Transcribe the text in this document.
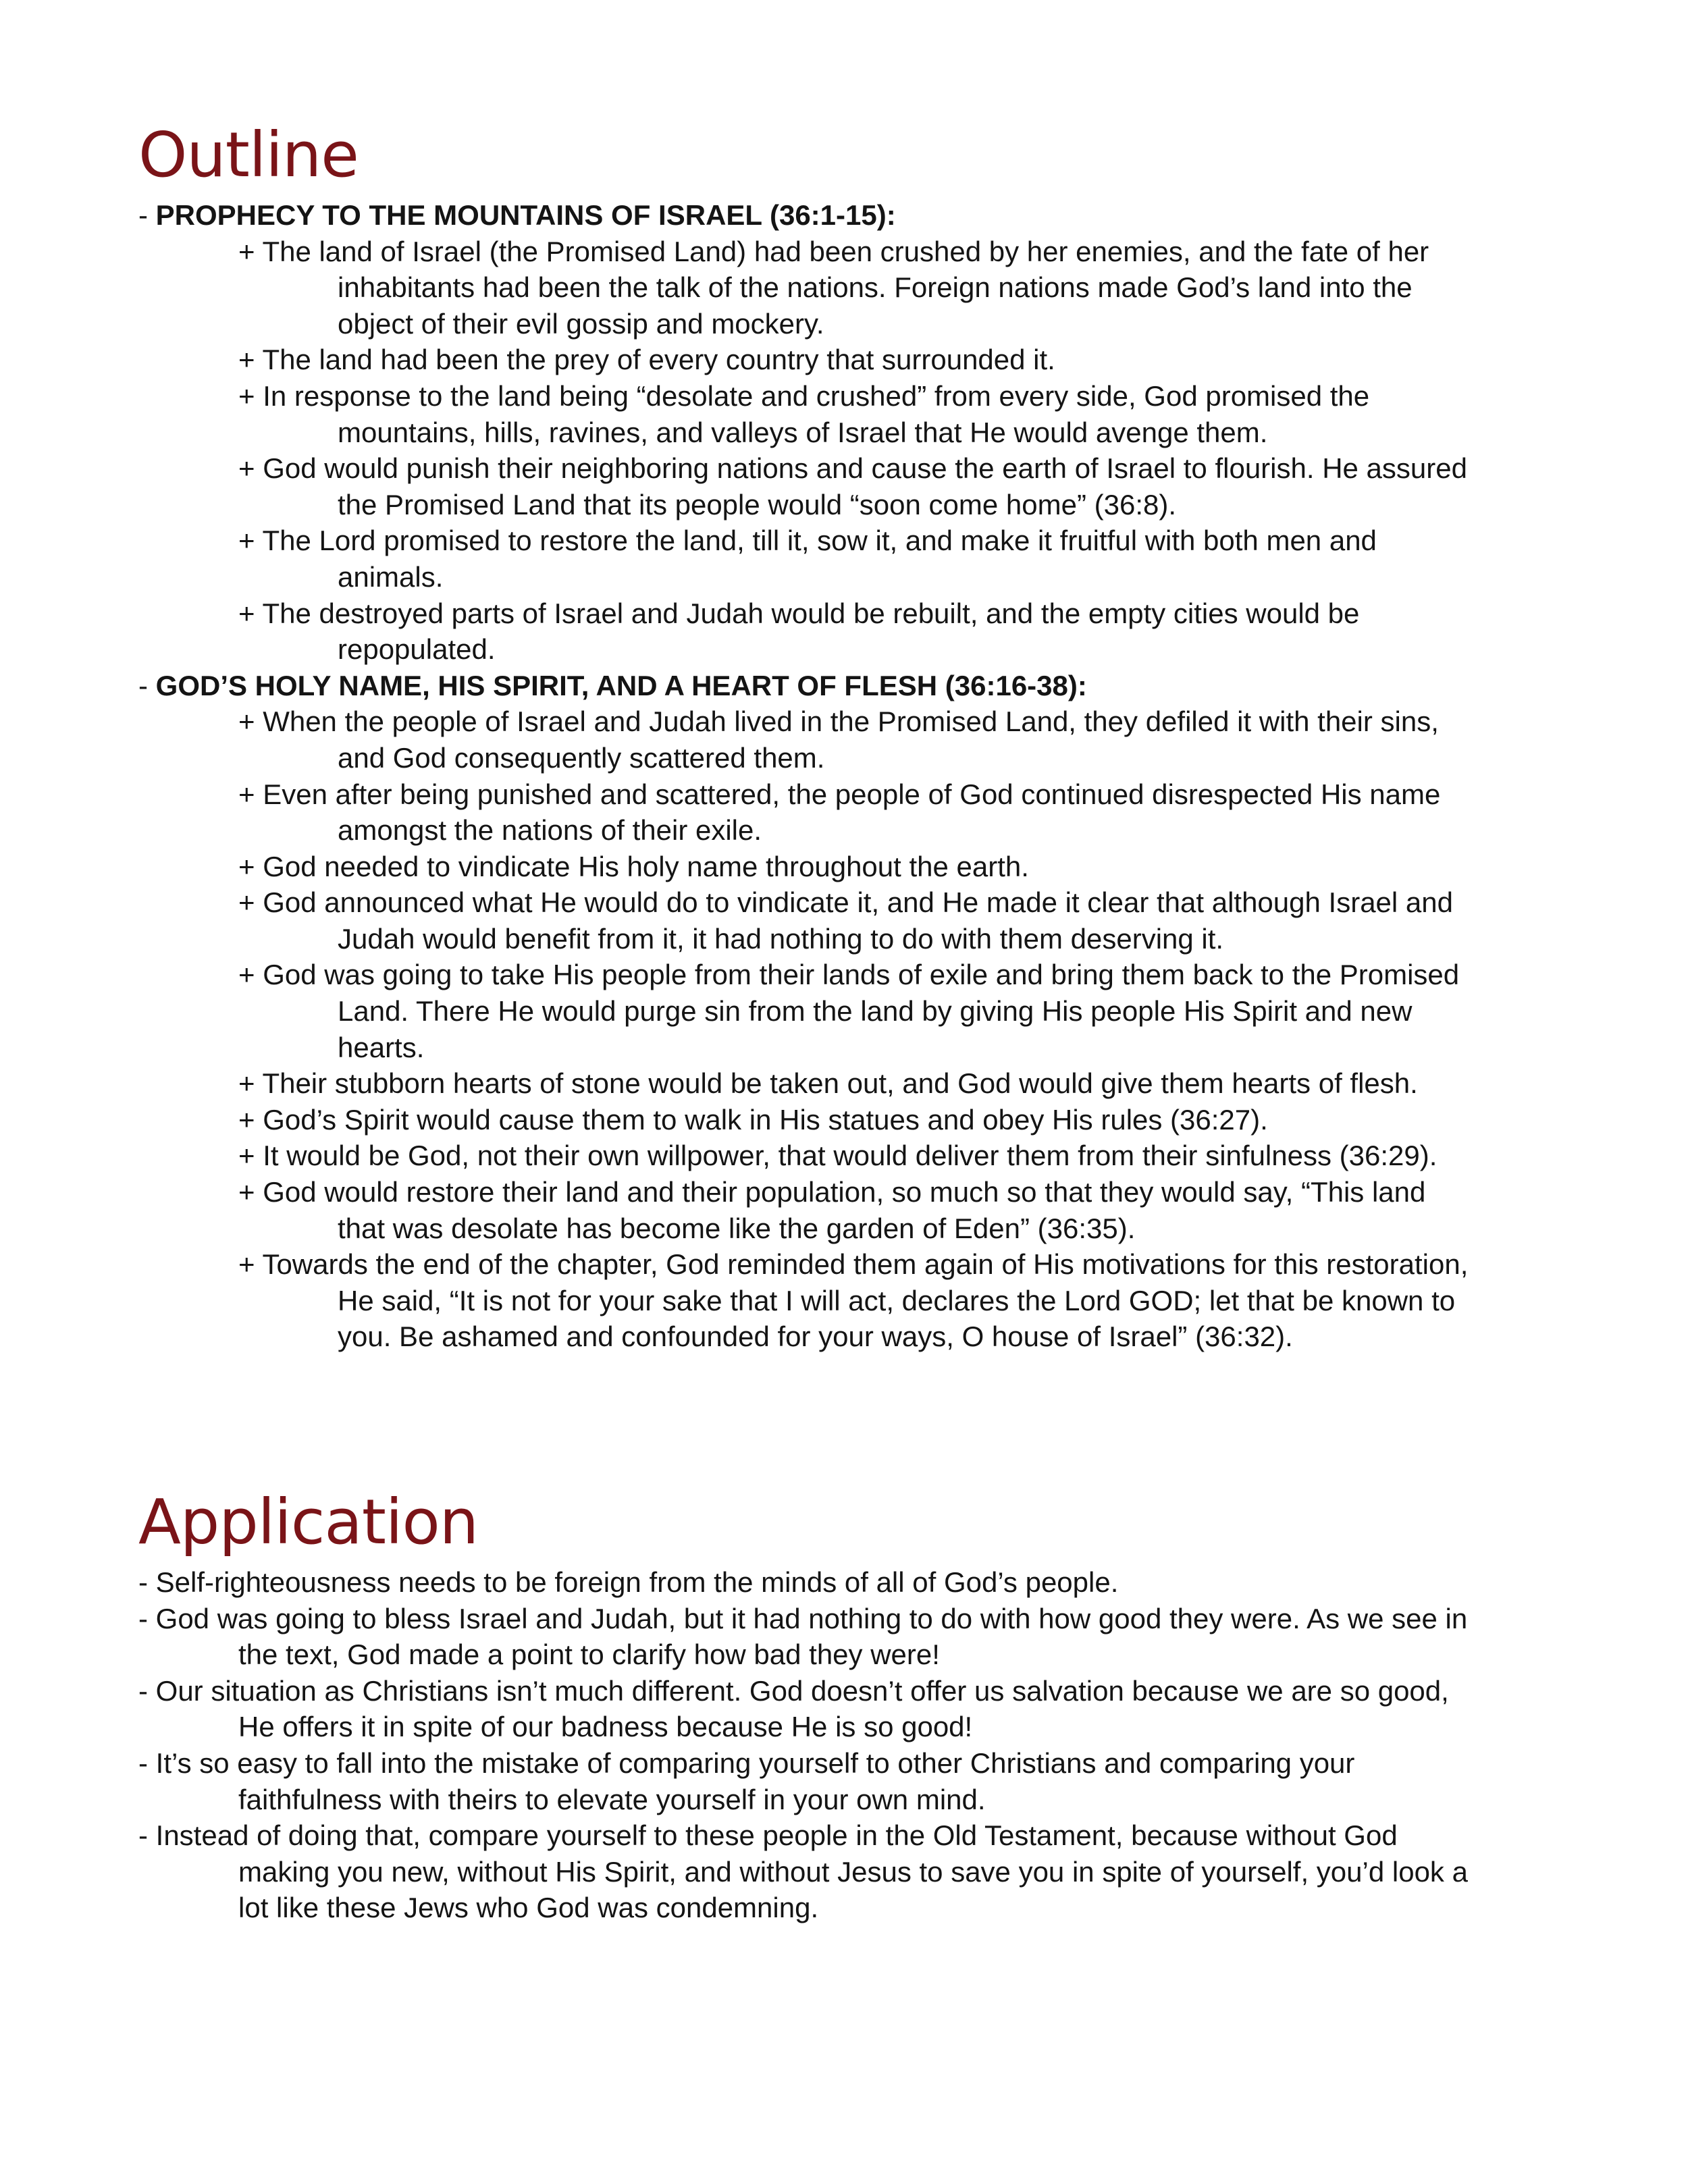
Outline
- PROPHECY TO THE MOUNTAINS OF ISRAEL (36:1-15):
+ The land of Israel (the Promised Land) had been crushed by her enemies, and the fate of her
inhabitants had been the talk of the nations. Foreign nations made God’s land into the
object of their evil gossip and mockery.
+ The land had been the prey of every country that surrounded it.
+ In response to the land being “desolate and crushed” from every side, God promised the
mountains, hills, ravines, and valleys of Israel that He would avenge them.
+ God would punish their neighboring nations and cause the earth of Israel to flourish. He assured
the Promised Land that its people would “soon come home” (36:8).
+ The Lord promised to restore the land, till it, sow it, and make it fruitful with both men and
animals.
+ The destroyed parts of Israel and Judah would be rebuilt, and the empty cities would be
repopulated.
- GOD’S HOLY NAME, HIS SPIRIT, AND A HEART OF FLESH (36:16-38):
+ When the people of Israel and Judah lived in the Promised Land, they defiled it with their sins,
and God consequently scattered them.
+ Even after being punished and scattered, the people of God continued disrespected His name
amongst the nations of their exile.
+ God needed to vindicate His holy name throughout the earth.
+ God announced what He would do to vindicate it, and He made it clear that although Israel and
Judah would benefit from it, it had nothing to do with them deserving it.
+ God was going to take His people from their lands of exile and bring them back to the Promised
Land. There He would purge sin from the land by giving His people His Spirit and new
hearts.
+ Their stubborn hearts of stone would be taken out, and God would give them hearts of flesh.
+ God’s Spirit would cause them to walk in His statues and obey His rules (36:27).
+ It would be God, not their own willpower, that would deliver them from their sinfulness (36:29).
+ God would restore their land and their population, so much so that they would say, “This land
that was desolate has become like the garden of Eden” (36:35).
+ Towards the end of the chapter, God reminded them again of His motivations for this restoration,
He said, “It is not for your sake that I will act, declares the Lord GOD; let that be known to
you. Be ashamed and confounded for your ways, O house of Israel” (36:32).
Application
- Self-righteousness needs to be foreign from the minds of all of God’s people.
- God was going to bless Israel and Judah, but it had nothing to do with how good they were. As we see in
the text, God made a point to clarify how bad they were!
- Our situation as Christians isn’t much different. God doesn’t offer us salvation because we are so good,
He offers it in spite of our badness because He is so good!
- It’s so easy to fall into the mistake of comparing yourself to other Christians and comparing your
faithfulness with theirs to elevate yourself in your own mind.
- Instead of doing that, compare yourself to these people in the Old Testament, because without God
making you new, without His Spirit, and without Jesus to save you in spite of yourself, you’d look a
lot like these Jews who God was condemning.
